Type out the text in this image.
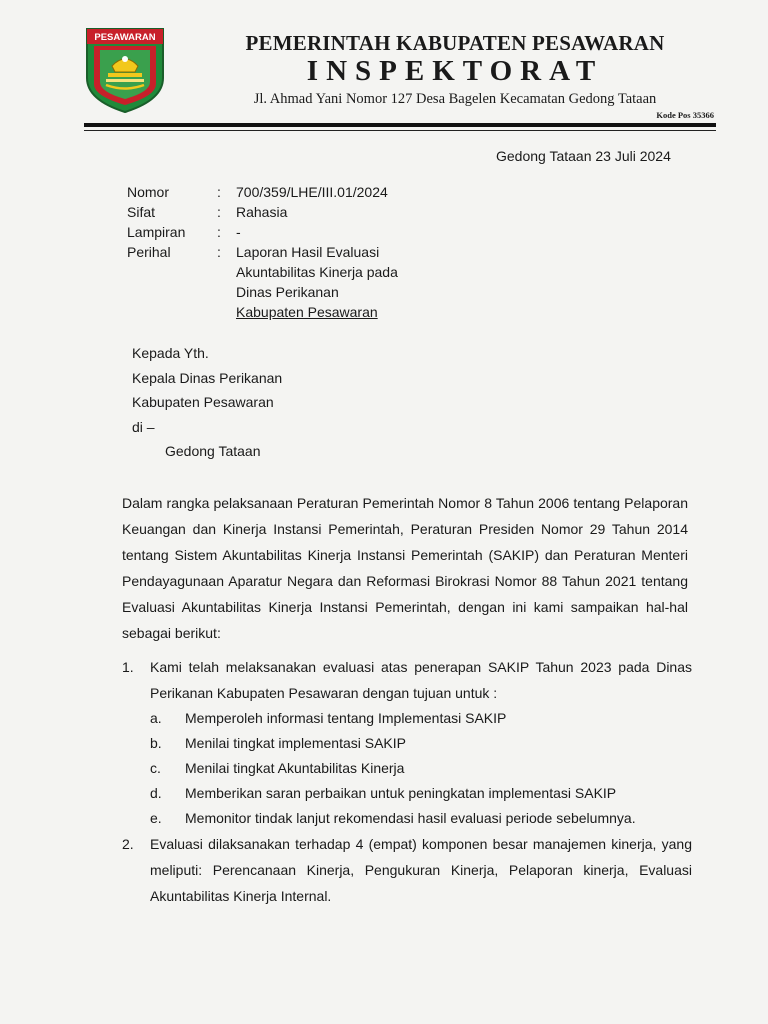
PESAWARAN	PEMERINTAH KABUPATEN PESAWARAN
INSPEKTORAT
Jl. Ahmad Yani Nomor 127 Desa Bagelen Kecamatan Gedong Tataan
Kode Pos 35366
Gedong Tataan 23 Juli 2024
Nomor	:	700/359/LHE/III.01/2024
Sifat	:	Rahasia
Lampiran	:	-
Perihal	:	Laporan Hasil Evaluasi
Akuntabilitas Kinerja pada
Dinas Perikanan
Kabupaten Pesawaran
Kepada Yth.
Kepala Dinas Perikanan
Kabupaten Pesawaran
di –
Gedong Tataan
Dalam rangka pelaksanaan Peraturan Pemerintah Nomor 8 Tahun 2006 tentang Pelaporan Keuangan dan Kinerja Instansi Pemerintah, Peraturan Presiden Nomor 29 Tahun 2014 tentang Sistem Akuntabilitas Kinerja Instansi Pemerintah (SAKIP) dan Peraturan Menteri Pendayagunaan Aparatur Negara dan Reformasi Birokrasi Nomor 88 Tahun 2021 tentang Evaluasi Akuntabilitas Kinerja Instansi Pemerintah, dengan ini kami sampaikan hal-hal sebagai berikut:
1.	Kami telah melaksanakan evaluasi atas penerapan SAKIP Tahun 2023 pada Dinas Perikanan Kabupaten Pesawaran dengan tujuan untuk :
a.	Memperoleh informasi tentang Implementasi SAKIP
b.	Menilai tingkat implementasi SAKIP
c.	Menilai tingkat Akuntabilitas Kinerja
d.	Memberikan saran perbaikan untuk peningkatan implementasi SAKIP
e.	Memonitor tindak lanjut rekomendasi hasil evaluasi periode sebelumnya.
2.	Evaluasi dilaksanakan terhadap 4 (empat) komponen besar manajemen kinerja, yang meliputi: Perencanaan Kinerja, Pengukuran Kinerja, Pelaporan kinerja, Evaluasi Akuntabilitas Kinerja Internal.
